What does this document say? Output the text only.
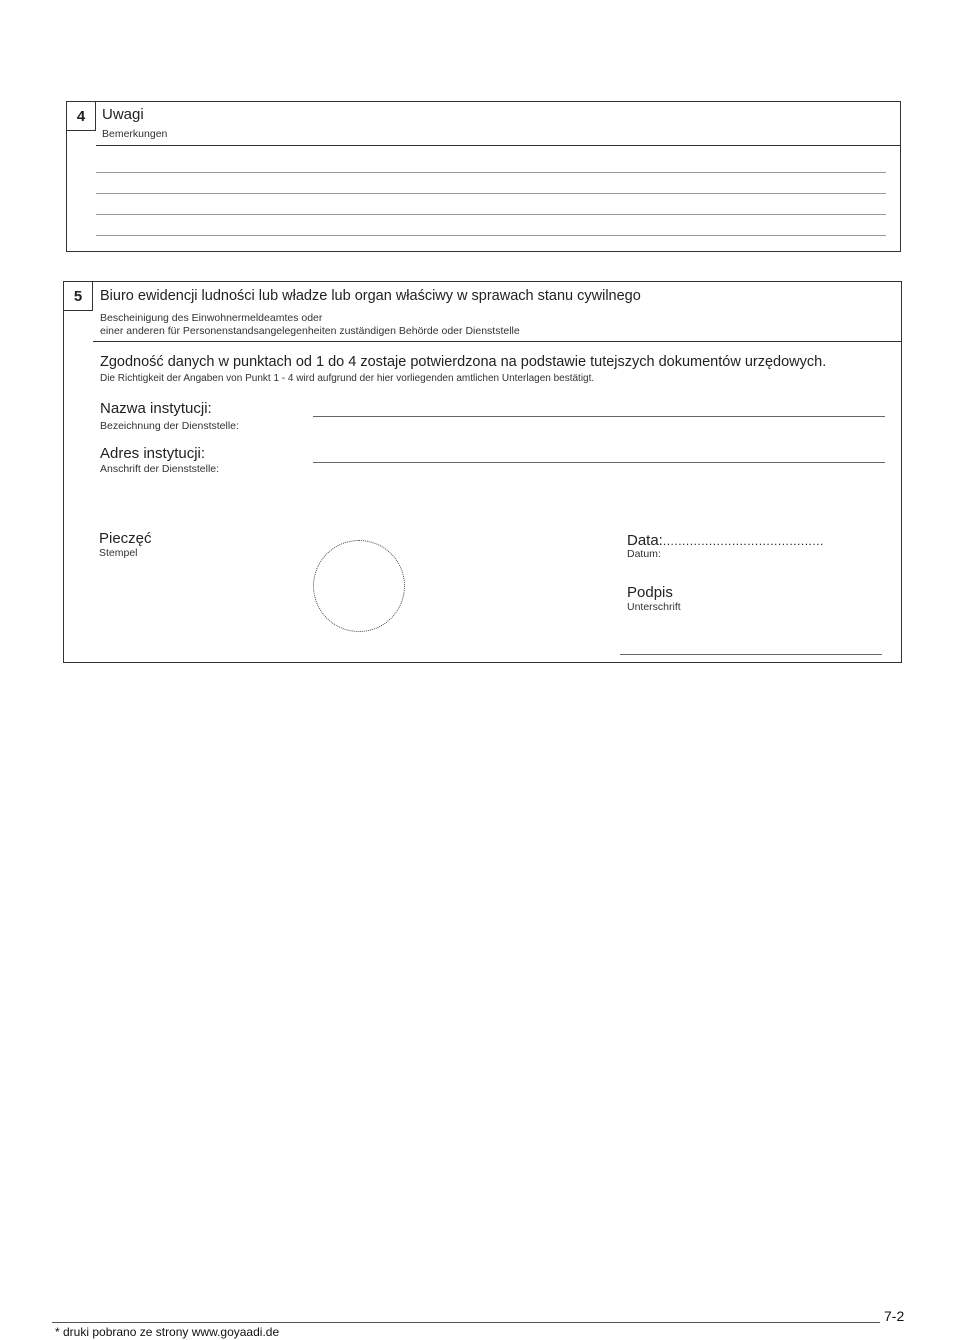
4	Uwagi
Bemerkungen
5	Biuro ewidencji ludności lub władze lub organ właściwy w sprawach stanu cywilnego
Bescheinigung des Einwohnermeldeamtes oder
einer anderen für Personenstandsangelegenheiten zuständigen Behörde oder Dienststelle
Zgodność danych w punktach od 1 do 4 zostaje potwierdzona na podstawie tutejszych dokumentów urzędowych.
Die Richtigkeit der Angaben von Punkt 1 - 4 wird aufgrund der hier vorliegenden amtlichen Unterlagen bestätigt.
Nazwa instytucji:
Bezeichnung der Dienststelle:
Adres instytucji:
Anschrift der Dienststelle:
Pieczęć
Stempel
Data:..........................................
Datum:
Podpis
Unterschrift
* druki pobrano ze strony www.goyaadi.de
7-2
